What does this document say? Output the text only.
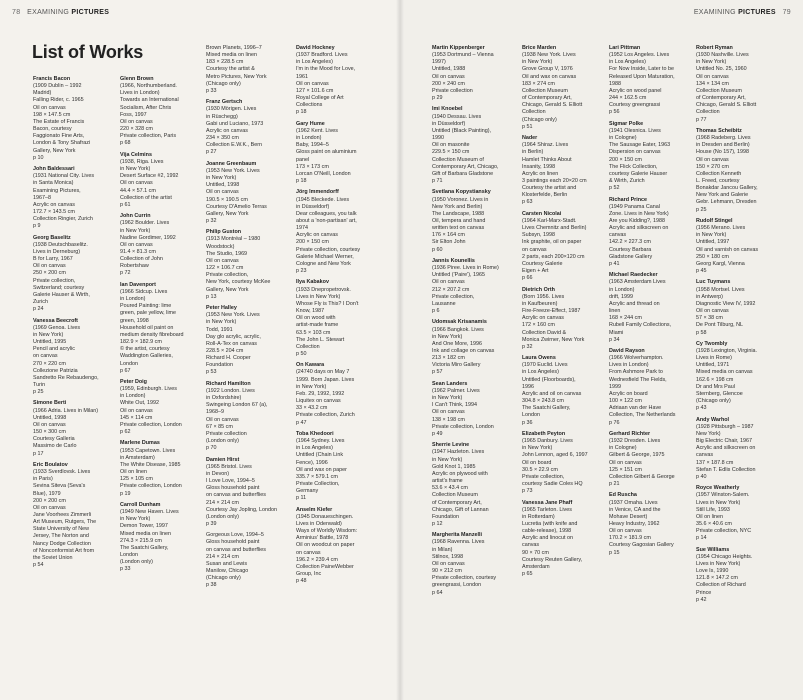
78 EXAMINING PICTURES	EXAMINING PICTURES 79
List of Works
Francis Bacon
(1909 Dublin – 1992
Madrid)
Falling Rider, c. 1965
Oil on canvas
198 × 147.5 cm
The Estate of Francis
Bacon, courtesy
Faggionato Fine Arts,
London & Tony Shafrazi
Gallery, New York
p 10
John Baldessari
(1931 National City. Lives
in Santa Monica)
Examining Pictures,
1967–8
Acrylic on canvas
172.7 × 143.5 cm
Collection Ringier, Zurich
p 9
Georg Baselitz
(1938 Deutschbaselitz.
Lives in Derneburg)
B for Larry, 1967
Oil on canvas
250 × 200 cm
Private collection,
Switzerland; courtesy
Galerie Hauser & Wirth,
Zurich
p 24
Vanessa Beecroft
(1969 Genoa. Lives
in New York)
Untitled, 1995
Pencil and acrylic
on canvas
270 × 220 cm
Collezione Patrizia
Sandretto Re Rebaudengo,
Turin
p 25
Simone Berti
(1966 Adria. Lives in Milan)
Untitled, 1998
Oil on canvas
150 × 300 cm
Courtesy Galleria
Massimo de Carlo
p 17
Eric Boulatov
(1933 Sverdlovsk. Lives
in Paris)
Sevina Siteva (Seva's
Blue), 1979
200 × 200 cm
Oil on canvas
Jane Voorhees Zimmerli
Art Museum, Rutgers, The
State University of New
Jersey, The Norton and
Nancy Dodge Collection
of Nonconformist Art from
the Soviet Union
p 54
Glenn Brown
(1966, Northumberland.
Lives in London)
Towards an International
Socialism, After Chris
Foss, 1997
Oil on canvas
220 × 328 cm
Private collection, Paris
p 68
Vija Celmins
(1938, Riga. Lives
in New York)
Desert Surface #2, 1992
Oil on canvas
44.4 × 57.1 cm
Collection of the artist
p 61
John Currin
(1962 Boulder. Lives
in New York)
Nadine Gordimer, 1992
Oil on canvas
91.4 × 81.3 cm
Collection of John
Robertshaw
p 72
Ian Davenport
(1966 Sidcup. Lives
in London)
Poured Painting: lime
green, pale yellow, lime
green, 1998
Household oil paint on
medium density fibreboard
182.9 × 182.9 cm
© the artist, courtesy
Waddington Galleries,
London
p 67
Peter Doig
(1959, Edinburgh. Lives
in London)
White Out, 1992
Oil on canvas
145 × 114 cm
Private collection, London
p 62
Marlene Dumas
(1953 Capetown. Lives
in Amsterdam)
The White Disease, 1985
Oil on linen
125 × 105 cm
Private collection, London
p 19
Carroll Dunham
(1949 New Haven. Lives
in New York)
Demon Tower, 1997
Mixed media on linen
274.3 × 215.9 cm
The Saatchi Gallery,
London
(London only)
p 33
Brown Planets, 1996–7
Mixed media on linen
183 × 228.5 cm
Courtesy the artist &
Metro Pictures, New York
(Chicago only)
p 33
Franz Gertsch
(1930 Mörigen. Lives
in Rüschegg)
Gabi und Luciano, 1973
Acrylic on canvas
234 × 350 cm
Collection E.W.K., Bern
p 27
Joanne Greenbaum
(1953 New York. Lives
in New York)
Untitled, 1998
Oil on canvas
190.5 × 190.5 cm
Courtesy D'Amelio Terras
Gallery, New York
p 32
Philip Guston
(1913 Montréal – 1980
Woodstock)
The Studio, 1969
Oil on canvas
122 × 106.7 cm
Private collection,
New York, courtesy McKee
Gallery, New York
p 13
Peter Halley
(1953 New York. Lives
in New York)
Todd, 1991
Day glo acrylic, acrylic,
Roll-A-Tex on canvas
228.5 × 204 cm
Richard H. Cooper
Foundation
p 53
Richard Hamilton
(1922 London. Lives
in Oxfordshire)
Swingeing London 67 (a),
1968–9
Oil on canvas
67 × 85 cm
Private collection
(London only)
p 70
Damien Hirst
(1965 Bristol. Lives
in Devon)
I Love Love, 1994–5
Gloss household paint
on canvas and butterflies
214 × 214 cm
Courtesy Jay Jopling, London
(London only)
p 39
Gorgeous Love, 1994–5
Gloss household paint
on canvas and butterflies
214 × 214 cm
Susan and Lewis
Manilow, Chicago
(Chicago only)
p 38
David Hockney
(1937 Bradford. Lives
in Los Angeles)
I'm in the Mood for Love,
1961
Oil on canvas
127 × 101.6 cm
Royal College of Art
Collections
p 18
Gary Hume
(1962 Kent. Lives
in London)
Baby, 1994–5
Gloss paint on aluminium
panel
173 × 173 cm
Lorcan O'Neill, London
p 18
Jörg Immendorff
(1945 Bleckede. Lives
in Düsseldorf)
Dear colleagues, you talk
about a 'non-partisan' art,
1974
Acrylic on canvas
200 × 150 cm
Private collection, courtesy
Galerie Michael Werner,
Cologne and New York
p 23
Ilya Kabakov
(1933 Dnepropetrovsk.
Lives in New York)
Whose Fly is This? I Don't
Know, 1987
Oil on wood with
artist-made frame
63.5 × 103 cm
The John L. Stewart
Collection
p 50
On Kawara
(24740 days on May 7
1999. Born Japan. Lives
in New York)
Feb. 29, 1992, 1992
Liquitex on canvas
33 × 43.2 cm
Private collection, Zurich
p 47
Toba Khedoori
(1964 Sydney. Lives
in Los Angeles)
Untitled (Chain Link
Fence), 1996
Oil and wax on paper
335.7 × 579.1 cm
Private Collection,
Germany
p 11
Anselm Kiefer
(1945 Donaueschingen.
Lives in Odenwald)
Ways of Worldly Wisdom:
Arminius' Battle, 1978
Oil on woodcut on paper
on canvas
196.2 × 239.4 cm
Collection PaineWebber
Group, Inc
p 48
Martin Kippenberger
(1953 Dortmund – Vienna
1997)
Untitled, 1988
Oil on canvas
200 × 240 cm
Private collection
p 29
Imi Knoebel
(1940 Dessau. Lives
in Düsseldorf)
Untitled (Black Painting),
1990
Oil on masonite
229.5 × 150 cm
Collection Museum of
Contemporary Art, Chicago,
Gift of Barbara Gladstone
p 71
Svetlana Kopystiansky
(1950 Voronez. Lives in
New York and Berlin)
The Landscape, 1988
Oil, tempera and hand
written text on canvas
176 × 164 cm
Sir Elton John
p 60
Jannis Kounellis
(1936 Piree. Lives in Rome)
Untitled ('Paire'), 1965
Oil on canvas
212 × 207.2 cm
Private collection,
Lausanne
p 6
Udomsak Krisanamis
(1966 Bangkok. Lives
in New York)
And One More, 1996
Ink and collage on canvas
213 × 182 cm
Victoria Miro Gallery
p 57
Sean Landers
(1962 Palmer. Lives
in New York)
I Can't Think, 1994
Oil on canvas
138 × 198 cm
Private collection, London
p 49
Sherrie Levine
(1947 Hazleton. Lives
in New York)
Gold Knot 1, 1985
Acrylic on plywood with
artist's frame
53.6 × 43.4 cm
Collection Museum
of Contemporary Art,
Chicago, Gift of Lannan
Foundation
p 12
Margherita Manzelli
(1968 Ravenna. Lives
in Milan)
Stilnox, 1998
Oil on canvas
90 × 212 cm
Private collection, courtesy
greengrassi, London
p 64
Brice Marden
(1938 New York. Lives
in New York)
Grove Group V, 1976
Oil and wax on canvas
183 × 274 cm
Collection Museum
of Contemporary Art,
Chicago, Gerald S. Elliott
Collection
(Chicago only)
p 51
Nader
(1964 Shiraz. Lives
in Berlin)
Hamlet Thinks About
Insanity, 1998
Acrylic on linen
3 paintings each 20×20 cm
Courtesy the artist and
Klosterfelde, Berlin
p 63
Carsten Nicolai
(1964 Karl-Marx-Stadt.
Lives Chemnitz and Berlin)
Subsyn, 1998
Ink graphite, oil on paper
on canvas
2 parts, each 200×120 cm
Courtesy Galerie
Eigen + Art
p 66
Dietrich Orth
(Born 1956. Lives
in Kaufbeuren)
Fire-Freeze-Effect, 1987
Acrylic on canvas
172 × 160 cm
Collection David &
Monica Zwirner, New York
p 32
Laura Owens
(1970 Euclid. Lives
in Los Angeles)
Untitled (Floorboards),
1996
Acrylic and oil on canvas
304.8 × 243.8 cm
The Saatchi Gallery,
London
p 36
Elizabeth Peyton
(1965 Danbury. Lives
in New York)
John Lennon, aged 6, 1997
Oil on board
30.5 × 22.9 cm
Private collection,
courtesy Sadie Coles HQ
p 73
Vanessa Jane Phaff
(1965 Tarleton. Lives
in Rotterdam)
Lucretia (with knife and
cable-release), 1998
Acrylic and linocut on
canvas
90 × 70 cm
Courtesy Reuten Gallery,
Amsterdam
p 65
Lari Pittman
(1952 Los Angeles. Lives
in Los Angeles)
For Now Inside, Later to be
Released Upon Maturation,
1988
Acrylic on wood panel
244 × 162.5 cm
Courtesy greengrassi
p 56
Sigmar Polke
(1941 Olesnica. Lives
in Cologne)
The Sausage Eater, 1963
Dispersion on canvas
200 × 150 cm
The Flick Collection,
courtesy Galerie Hauser
& Wirth, Zurich
p 52
Richard Prince
(1949 Panama Canal
Zone. Lives in New York)
Are you Kidding?, 1988
Acrylic and silkscreen on
canvas
142.2 × 227.3 cm
Courtesy Barbara
Gladstone Gallery
p 41
Michael Raedecker
(1963 Amsterdam Lives
in London)
drift, 1999
Acrylic and thread on
linen
168 × 244 cm
Rubell Family Collections,
Miami
p 34
David Rayson
(1966 Wolverhampton.
Lives in London)
From Ashmore Park to
Wednesfield The Fields,
1999
Acrylic on board
100 × 122 cm
Adriaan van der Have
Collection, The Netherlands
p 76
Gerhard Richter
(1932 Dresden. Lives
in Cologne)
Gilbert & George, 1975
Oil on canvas
125 × 151 cm
Collection Gilbert & George
p 21
Ed Ruscha
(1937 Omaha. Lives
in Venice, CA and the
Mohave Desert)
Heavy Industry, 1962
Oil on canvas
170.2 × 181.9 cm
Courtesy Gagosian Gallery
p 15
Robert Ryman
(1930 Nashville. Lives
in New York)
Untitled No. 25, 1960
Oil on canvas
134 × 134 cm
Collection Museum
of Contemporary Art,
Chicago, Gerald S. Elliott
Collection
p 77
Thomas Scheibitz
(1968 Radeberg. Lives
in Dresden and Berlin)
House (No 157), 1998
Oil on canvas
150 × 270 cm
Collection Kenneth
L. Freed, courtesy
Bonakdar Jancou Gallery,
New York and Galerie
Gebr. Lehmann, Dresden
p 25
Rudolf Stingel
(1956 Merano. Lives
in New York)
Untitled, 1997
Oil and varnish on canvas
250 × 180 cm
Georg Kargl, Vienna
p 45
Luc Tuymans
(1958 Mortsel. Lives
in Antwerp)
Diagnostic View IV, 1992
Oil on canvas
57 × 38 cm
De Pont Tilburg, NL
p 58
Cy Twombly
(1928 Lexington, Virginia.
Lives in Rome)
Untitled, 1971
Mixed media on canvas
162.6 × 198 cm
Dr and Mrs Paul
Sternberg, Glencoe
(Chicago only)
p 43
Andy Warhol
(1928 Pittsburgh – 1987
New York)
Big Electric Chair, 1967
Acrylic and silkscreen on
canvas
137 × 187.8 cm
Stefan T. Edlis Collection
p 40
Royce Weatherly
(1957 Winston-Salem.
Lives in New York)
Still Life, 1993
Oil on linen
35.6 × 40.6 cm
Private collection, NYC
p 14
Sue Williams
(1954 Chicago Heights.
Lives in New York)
Love Is, 1990
121.8 × 147.2 cm
Collection of Richard
Prince
p 42
